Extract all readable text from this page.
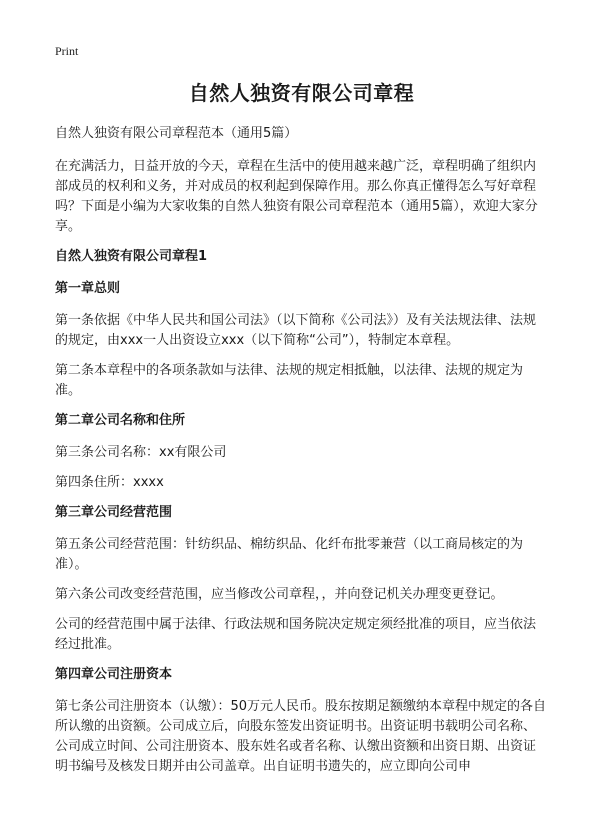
Print
自然人独资有限公司章程

自然人独资有限公司章程范本（通用5篇）

在充满活力，日益开放的今天，章程在生活中的使用越来越广泛，章程明确了组织内部成员的权利和义务，并对成员的权利起到保障作用。那么你真正懂得怎么写好章程吗？下面是小编为大家收集的自然人独资有限公司章程范本（通用5篇），欢迎大家分享。

自然人独资有限公司章程1
第一章总则

第一条依据《中华人民共和国公司法》（以下简称《公司法》）及有关法规法律、法规的规定，由xxx一人出资设立xxx（以下简称“公司”），特制定本章程。

第二条本章程中的各项条款如与法律、法规的规定相抵触，以法律、法规的规定为准。

第二章公司名称和住所

第三条公司名称：xx有限公司

第四条住所：xxxx

第三章公司经营范围

第五条公司经营范围：针纺织品、棉纺织品、化纤布批零兼营（以工商局核定的为准）。

第六条公司改变经营范围，应当修改公司章程，，并向登记机关办理变更登记。

公司的经营范围中属于法律、行政法规和国务院决定规定须经批准的项目，应当依法经过批准。

第四章公司注册资本

第七条公司注册资本（认缴）：50万元人民币。股东按期足额缴纳本章程中规定的各自所认缴的出资额。公司成立后，向股东签发出资证明书。出资证明书载明公司名称、公司成立时间、公司注册资本、股东姓名或者名称、认缴出资额和出资日期、出资证明书编号及核发日期并由公司盖章。出自证明书遗失的，应立即向公司申
